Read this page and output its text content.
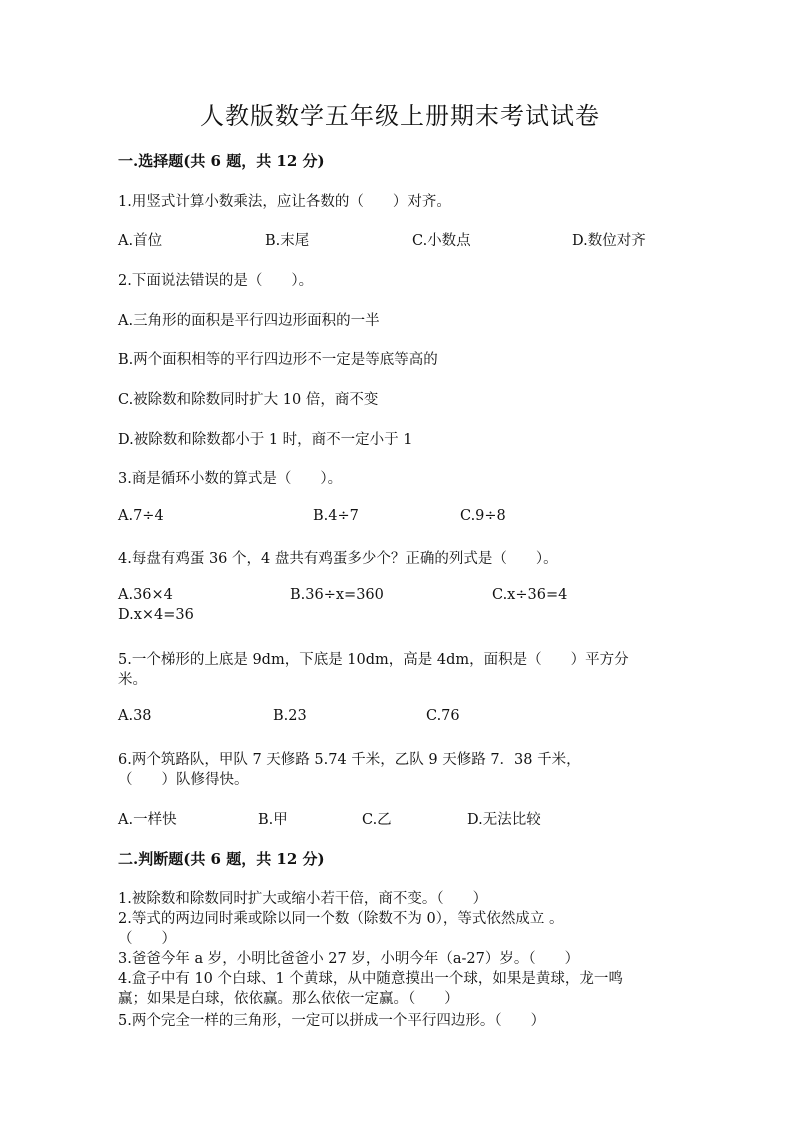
人教版数学五年级上册期末考试试卷
一.选择题(共 6 题，共 12 分)
1.用竖式计算小数乘法，应让各数的（　　）对齐。
A.首位	B.末尾	C.小数点	D.数位对齐
2.下面说法错误的是（　　）。
A.三角形的面积是平行四边形面积的一半
B.两个面积相等的平行四边形不一定是等底等高的
C.被除数和除数同时扩大 10 倍，商不变
D.被除数和除数都小于 1 时，商不一定小于 1
3.商是循环小数的算式是（　　）。
A.7÷4	B.4÷7	C.9÷8
4.每盘有鸡蛋 36 个，4 盘共有鸡蛋多少个？正确的列式是（　　）。
A.36×4	B.36÷x=360	C.x÷36=4
D.x×4=36
5.一个梯形的上底是 9dm，下底是 10dm，高是 4dm，面积是（　　）平方分
米。
A.38	B.23	C.76
6.两个筑路队，甲队 7 天修路 5.74 千米，乙队 9 天修路 7．38 千米，
（　　）队修得快。
A.一样快	B.甲	C.乙	D.无法比较
二.判断题(共 6 题，共 12 分)
1.被除数和除数同时扩大或缩小若干倍，商不变。（　　）
2.等式的两边同时乘或除以同一个数（除数不为 0），等式依然成立 。
（　　）
3.爸爸今年 a 岁，小明比爸爸小 27 岁，小明今年（a-27）岁。（　　）
4.盒子中有 10 个白球、1 个黄球，从中随意摸出一个球，如果是黄球，龙一鸣
赢；如果是白球，依依赢。那么依依一定赢。（　　）
5.两个完全一样的三角形，一定可以拼成一个平行四边形。（　　）
